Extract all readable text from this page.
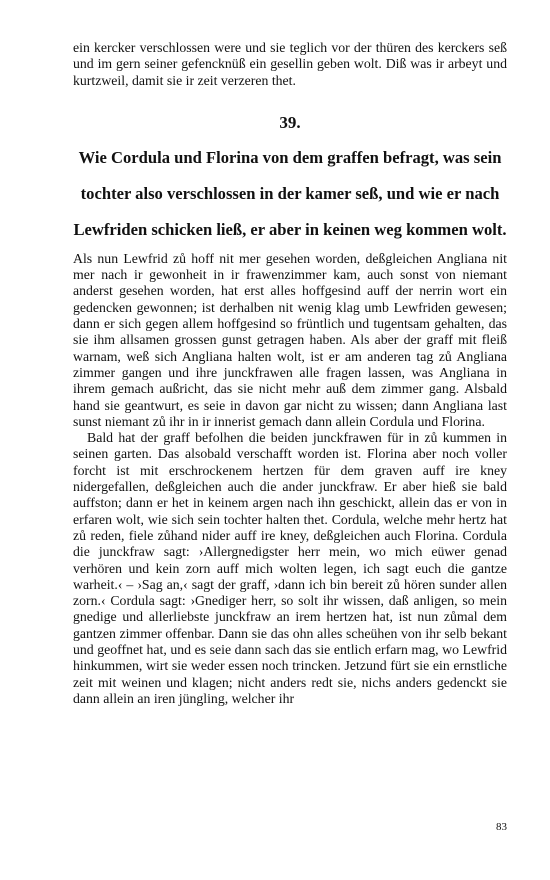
ein kercker verschlossen were und sie teglich vor der thüren des kerckers seß und im gern seiner gefencknüß ein gesellin geben wolt. Diß was ir arbeyt und kurtzweil, damit sie ir zeit verzeren thet.

39.
Wie Cordula und Florina von dem graffen befragt, was sein tochter also verschlossen in der kamer seß, und wie er nach Lewfriden schicken ließ, er aber in keinen weg kommen wolt.

Als nun Lewfrid zů hoff nit mer gesehen worden, deßgleichen Angliana nit mer nach ir gewonheit in ir frawenzimmer kam, auch sonst von niemant anderst gesehen worden, hat erst alles hoffgesind auff der nerrin wort ein gedencken gewonnen; ist derhalben nit wenig klag umb Lewfriden gewesen; dann er sich gegen allem hoffgesind so früntlich und tugentsam gehalten, das sie ihm allsamen grossen gunst getragen haben. Als aber der graff mit fleiß warnam, weß sich Angliana halten wolt, ist er am anderen tag zů Angliana zimmer gangen und ihre junckfrawen alle fragen lassen, was Angliana in ihrem gemach außricht, das sie nicht mehr auß dem zimmer gang. Alsbald hand sie geantwurt, es seie in davon gar nicht zu wissen; dann Angliana last sunst niemant zů ihr in ir innerist gemach dann allein Cordula und Florina.

Bald hat der graff befolhen die beiden junckfrawen für in zů kummen in seinen garten. Das alsobald verschafft worden ist. Florina aber noch voller forcht ist mit erschrockenem hertzen für dem graven auff ire kney nidergefallen, deßgleichen auch die ander junckfraw. Er aber hieß sie bald auffston; dann er het in keinem argen nach ihn geschickt, allein das er von in erfaren wolt, wie sich sein tochter halten thet. Cordula, welche mehr hertz hat zů reden, fiele zůhand nider auff ire kney, deßgleichen auch Florina. Cordula die junckfraw sagt: ›Allergnedigster herr mein, wo mich eüwer genad verhören und kein zorn auff mich wolten legen, ich sagt euch die gantze warheit.‹ – ›Sag an,‹ sagt der graff, ›dann ich bin bereit zů hören sunder allen zorn.‹ Cordula sagt: ›Gnediger herr, so solt ihr wissen, daß anligen, so mein gnedige und allerliebste junckfraw an irem hertzen hat, ist nun zůmal dem gantzen zimmer offenbar. Dann sie das ohn alles scheühen von ihr selb bekant und geoffnet hat, und es seie dann sach das sie entlich erfarn mag, wo Lewfrid hinkummen, wirt sie weder essen noch trincken. Jetzund fürt sie ein ernstliche zeit mit weinen und klagen; nicht anders redt sie, nichs anders gedenckt sie dann allein an iren jüngling, welcher ihr

83
